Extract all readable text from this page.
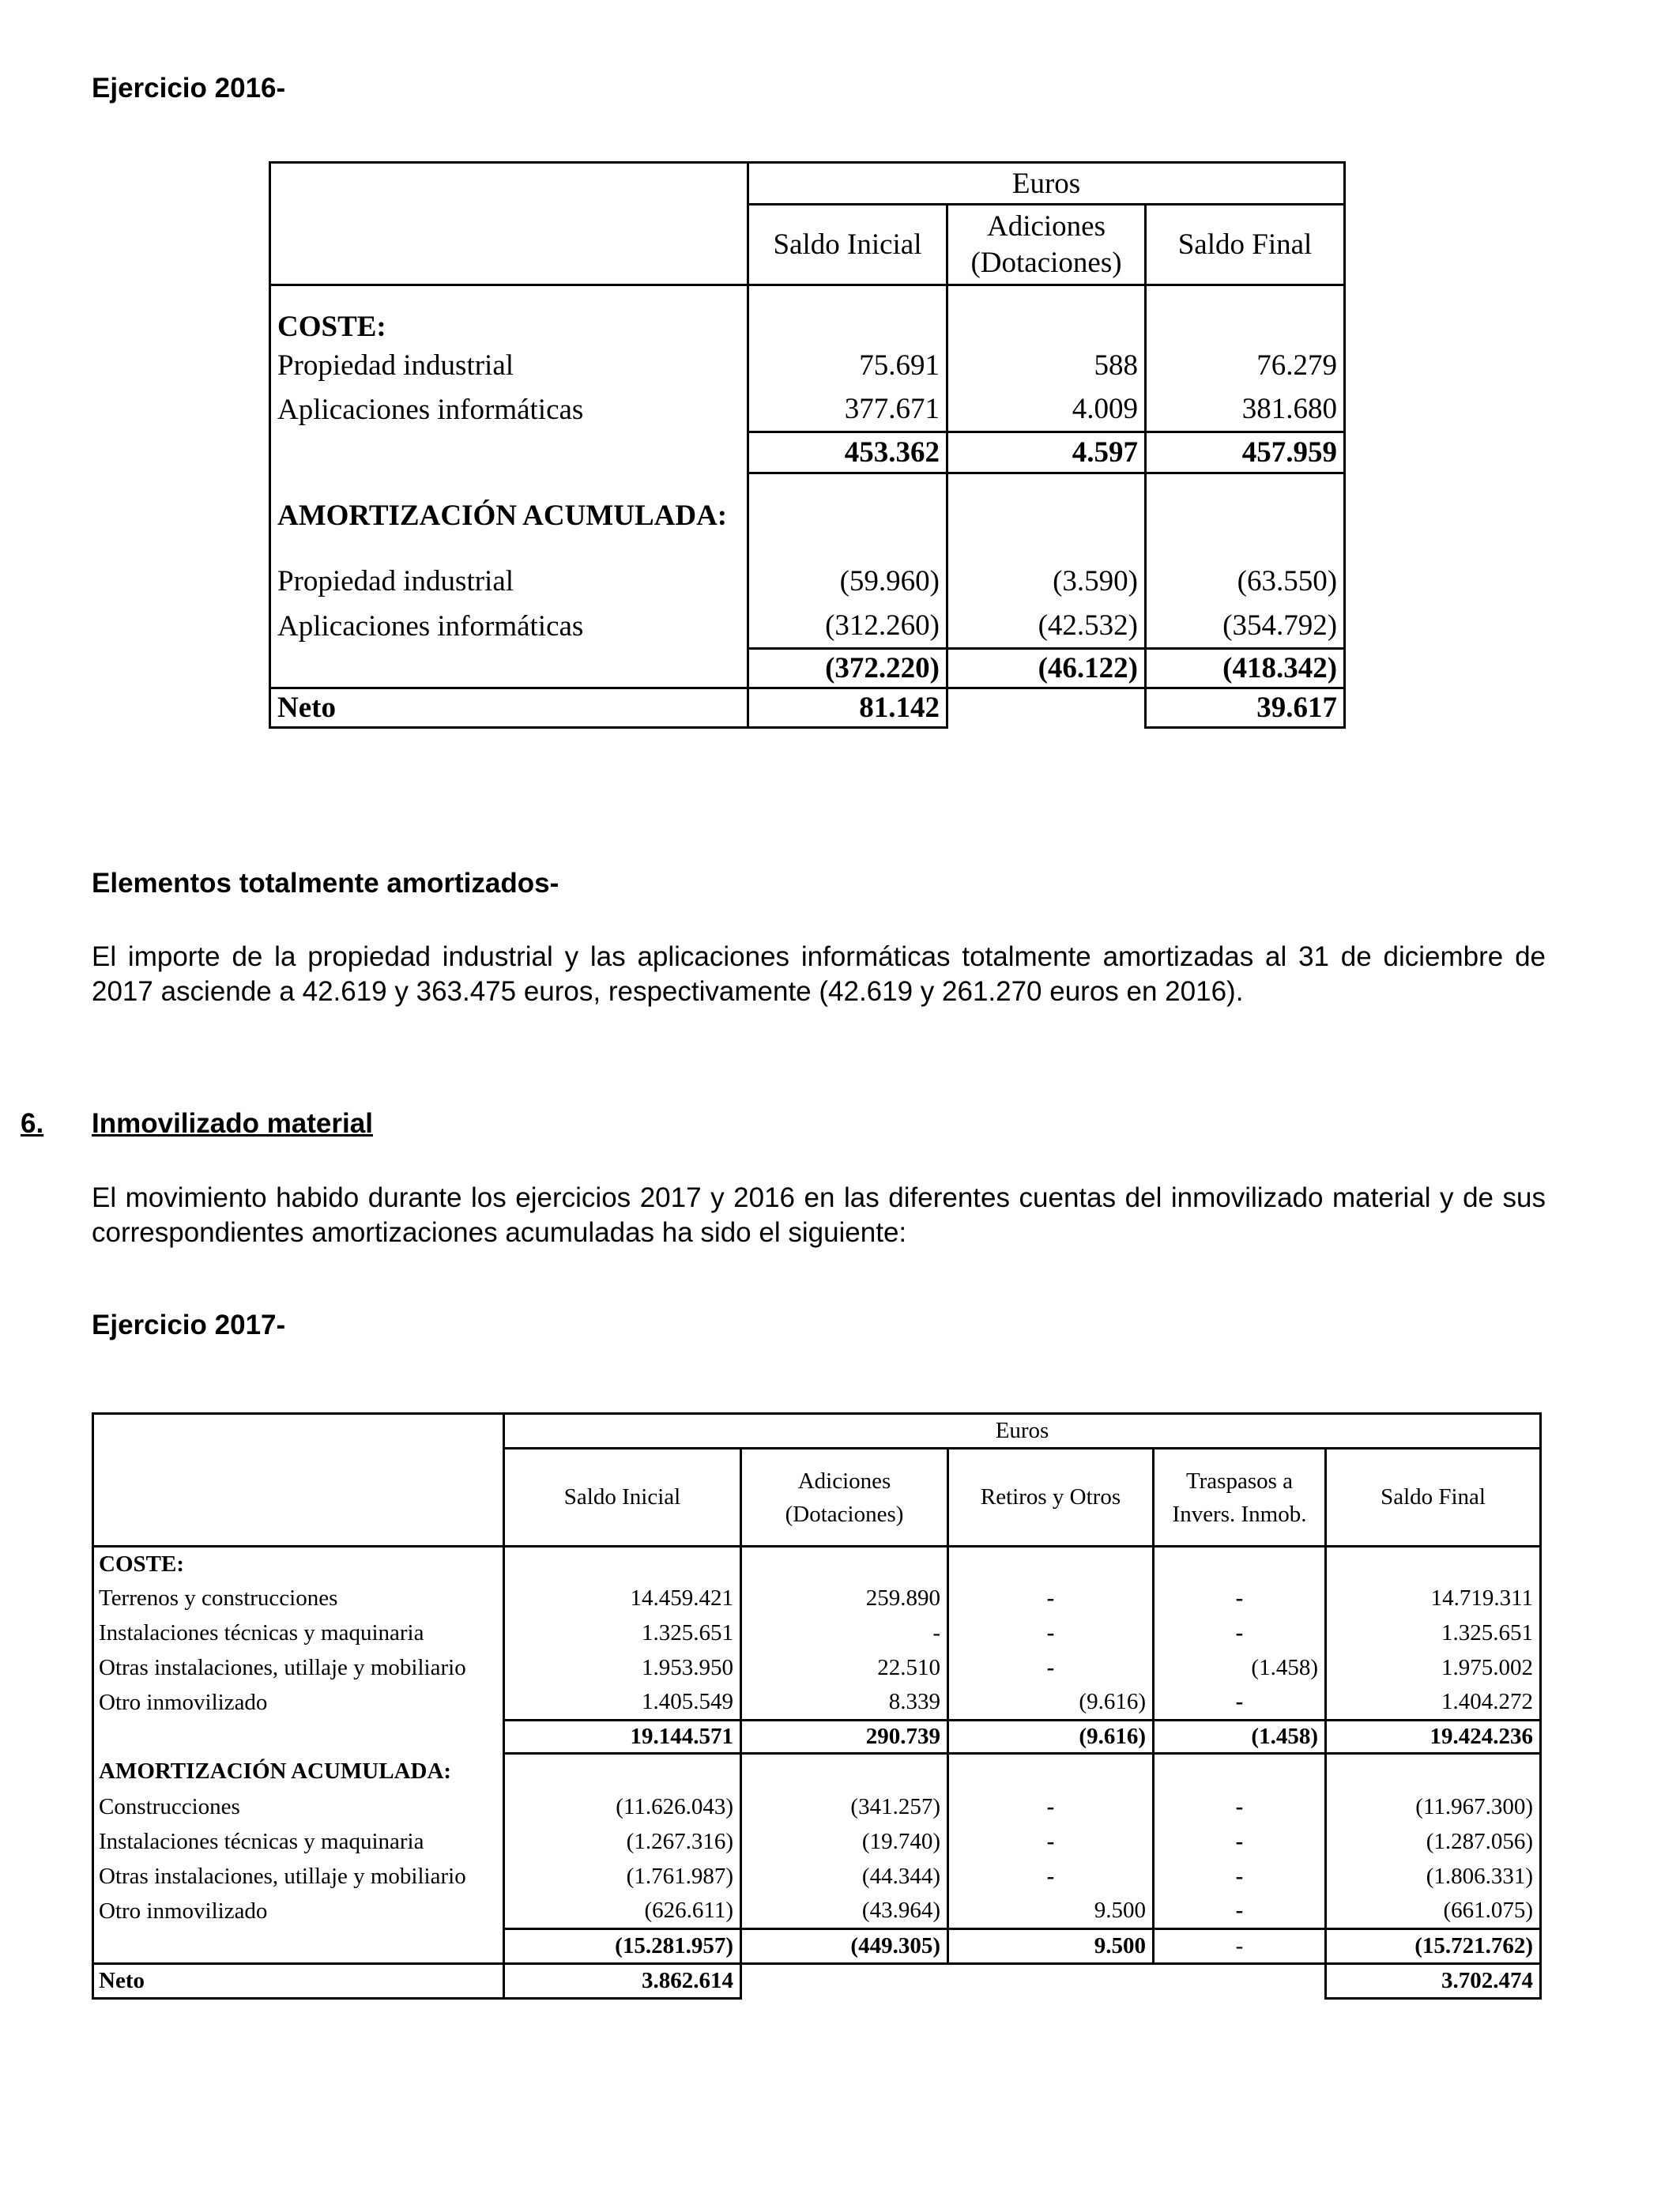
Ejercicio 2016-
	Euros		
	Saldo Inicial	Adiciones
(Dotaciones)	Saldo Final
COSTE:			
Propiedad industrial	75.691	588	76.279
Aplicaciones informáticas	377.671	4.009	381.680
	453.362	4.597	457.959
AMORTIZACIÓN ACUMULADA:			
Propiedad industrial	(59.960)	(3.590)	(63.550)
Aplicaciones informáticas	(312.260)	(42.532)	(354.792)
	(372.220)	(46.122)	(418.342)
Neto	81.142		39.617
Elementos totalmente amortizados-
El importe de la propiedad industrial y las aplicaciones informáticas totalmente amortizadas al 31 de diciembre de 2017 asciende a 42.619 y 363.475 euros, respectivamente (42.619 y 261.270 euros en 2016).
6. Inmovilizado material
El movimiento habido durante los ejercicios 2017 y 2016 en las diferentes cuentas del inmovilizado material y de sus correspondientes amortizaciones acumuladas ha sido el siguiente:
Ejercicio 2017-
	Euros				
	Saldo Inicial	Adiciones
(Dotaciones)	Retiros y Otros	Traspasos a
Invers. Inmob.	Saldo Final
COSTE:					
Terrenos y construcciones	14.459.421	259.890	-	-	14.719.311
Instalaciones técnicas y maquinaria	1.325.651	-	-	-	1.325.651
Otras instalaciones, utillaje y mobiliario	1.953.950	22.510	-	(1.458)	1.975.002
Otro inmovilizado	1.405.549	8.339	(9.616)	-	1.404.272
	19.144.571	290.739	(9.616)	(1.458)	19.424.236
AMORTIZACIÓN ACUMULADA:					
Construcciones	(11.626.043)	(341.257)	-	-	(11.967.300)
Instalaciones técnicas y maquinaria	(1.267.316)	(19.740)	-	-	(1.287.056)
Otras instalaciones, utillaje y mobiliario	(1.761.987)	(44.344)	-	-	(1.806.331)
Otro inmovilizado	(626.611)	(43.964)	9.500	-	(661.075)
	(15.281.957)	(449.305)	9.500	-	(15.721.762)
Neto	3.862.614				3.702.474
